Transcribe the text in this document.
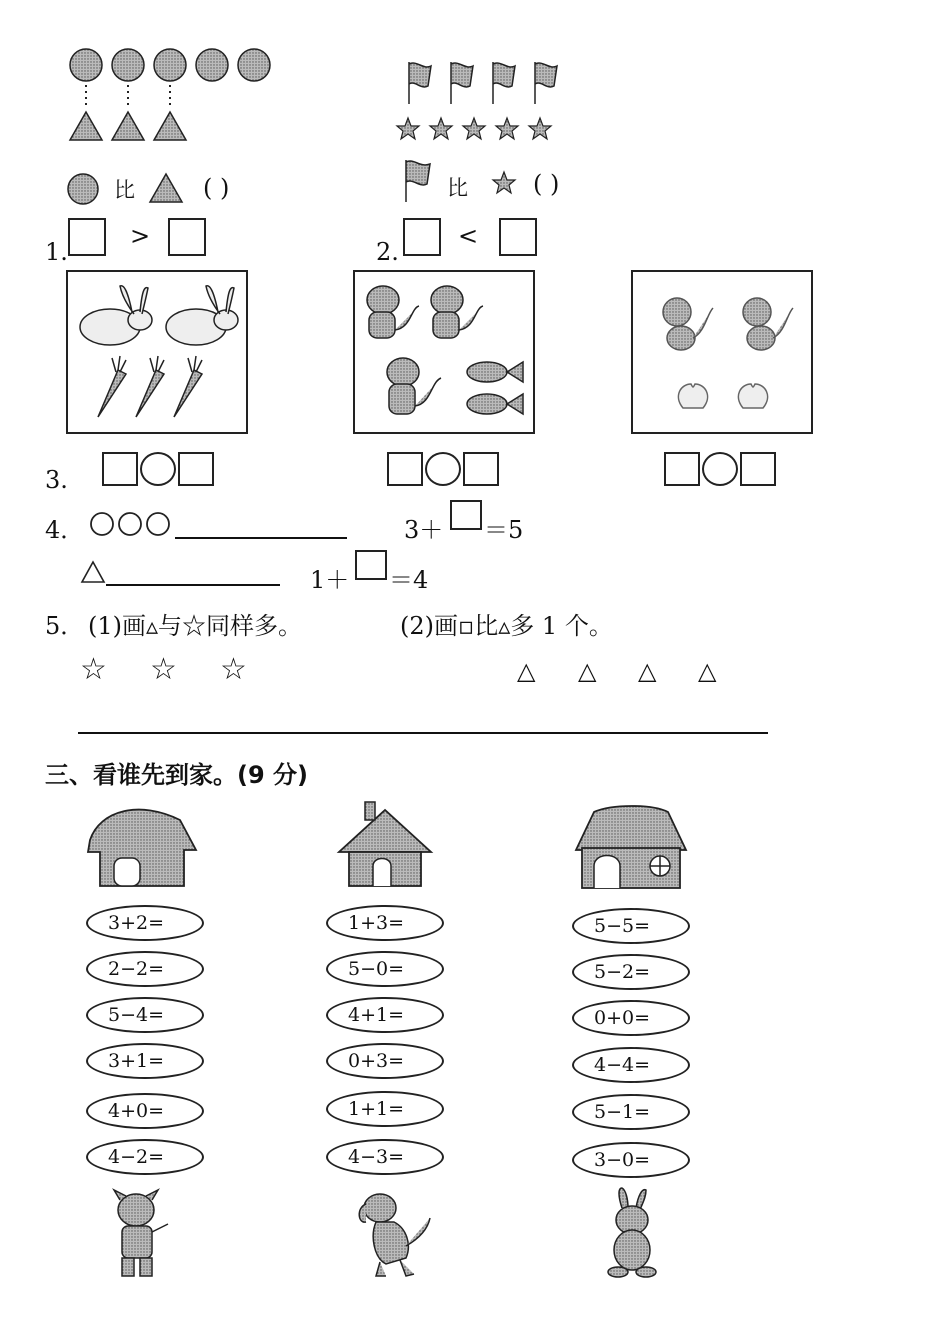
比	( )	比	( )
1.
>
2.
<
3.
4．	3＋ ＝5
1＋ ＝4
5． (1)画▵与☆同样多。	(2)画▫比▵多 1 个。
☆ ☆ ☆	△ △ △ △
三、看谁先到家。(9 分)
3+2=
2−2=
5−4=
3+1=
4+0=
4−2=
1+3=
5−0=
4+1=
0+3=
1+1=
4−3=
5−5=
5−2=
0+0=
4−4=
5−1=
3−0=
